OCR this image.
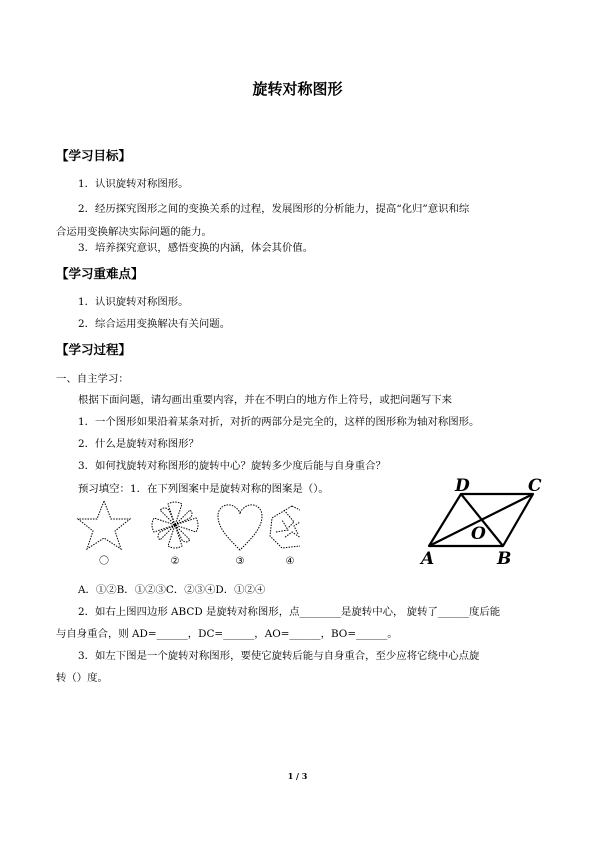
旋转对称图形
【学习目标】
1．认识旋转对称图形。
2．经历探究图形之间的变换关系的过程，发展图形的分析能力，提高“化归”意识和综
合运用变换解决实际问题的能力。
3．培养探究意识，感悟变换的内涵，体会其价值。
【学习重难点】
1．认识旋转对称图形。
2．综合运用变换解决有关问题。
【学习过程】
一、自主学习：
根据下面问题，请勾画出重要内容，并在不明白的地方作上符号，或把问题写下来
1．一个图形如果沿着某条对折，对折的两部分是完全的，这样的图形称为轴对称图形。
2．什么是旋转对称图形？
3．如何找旋转对称图形的旋转中心？旋转多少度后能与自身重合？
预习填空：1．在下列图案中是旋转对称的图案是（）。
〇	②	③	④
D	C
A	B
O
A．①②B．①②③C．②③④D．①②④
2．如右上图四边形 ABCD 是旋转对称图形，点________是旋转中心， 旋转了______度后能
与自身重合，则 AD=______，DC=______，AO=______，BO=______。
3．如左下图是一个旋转对称图形，要使它旋转后能与自身重合，至少应将它绕中心点旋
转（）度。
1 / 3
